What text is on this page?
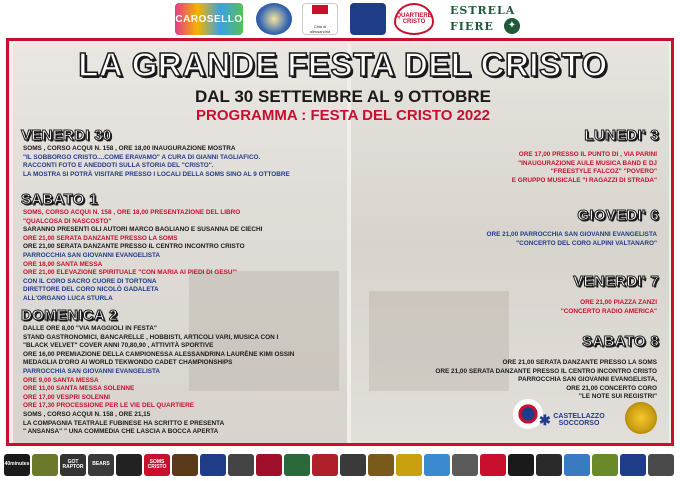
CAROSELLO
Città di alessandria
QUARTIERE CRISTO
ESTRELA
FIERE	✦
LA GRANDE FESTA DEL CRISTO
DAL 30 SETTEMBRE AL 9 OTTOBRE
PROGRAMMA : FESTA DEL CRISTO 2022
VENERDI 30
SOMS , CORSO ACQUI N. 158 , ORE 18,00 INAUGURAZIONE MOSTRA
"IL SOBBORGO CRISTO....COME ERAVAMO" A CURA DI GIANNI TAGLIAFICO.
RACCONTI FOTO E ANEDDOTI SULLA STORIA DEL "CRISTO".
LA MOSTRA SI POTRÀ VISITARE PRESSO I LOCALI DELLA SOMS SINO AL 9 OTTOBRE
SABATO 1
SOMS, CORSO ACQUI N. 158 , ORE 18,00 PRESENTAZIONE DEL LIBRO
"QUALCOSA DI NASCOSTO"
SARANNO PRESENTI GLI AUTORI MARCO BAGLIANO E SUSANNA DE CIECHI
ORE 21,00 SERATA DANZANTE PRESSO LA SOMS
ORE 21,00 SERATA DANZANTE PRESSO IL CENTRO INCONTRO CRISTO
PARROCCHIA SAN GIOVANNI EVANGELISTA
ORE 18,00 SANTA MESSA
ORE 21,00 ELEVAZIONE SPIRITUALE "CON MARIA AI PIEDI DI GESU'"
CON IL CORO SACRO CUORE DI TORTONA
DIRETTORE DEL CORO NICOLÒ GADALETA
ALL'ORGANO LUCA STURLA
DOMENICA 2
DALLE ORE 8,00 "VIA MAGGIOLI IN FESTA"
STAND GASTRONOMICI, BANCARELLE , HOBBISTI, ARTICOLI VARI, MUSICA CON I
"BLACK VELVET" COVER ANNI 70,80,90 , ATTIVITÀ SPORTIVE
ORE 16,00 PREMIAZIONE DELLA CAMPIONESSA ALESSANDRINA LAURÈNE KIMI OSSIN
MEDAGLIA D'ORO AI WORLD TEKWONDO CADET CHAMPIONSHIPS
PARROCCHIA SAN GIOVANNI EVANGELISTA
ORE 9,00 SANTA MESSA
ORE 11,00 SANTA MESSA SOLENNE
ORE 17,00 VESPRI SOLENNI
ORE 17,30 PROCESSIONE PER LE VIE DEL QUARTIERE
SOMS , CORSO ACQUI N. 158 , ORE 21,15
LA COMPAGNIA TEATRALE FUBINESE HA SCRITTO E PRESENTA
" ANSANSA" " UNA COMMEDIA CHE LASCIA A BOCCA APERTA
LUNEDI' 3
ORE 17,00 PRESSO IL PUNTO DI , VIA PARINI
"INAUGURAZIONE AULE MUSICA BAND E DJ
"FREESTYLE FALCOZ" "POVERO"
E GRUPPO MUSICALE "I RAGAZZI DI STRADA"
GIOVEDI' 6
ORE 21,00 PARROCCHIA SAN GIOVANNI EVANGELISTA
"CONCERTO DEL CORO ALPINI VALTANARO"
VENERDI' 7
ORE 21,00 PIAZZA ZANZI
"CONCERTO RADIO AMERICA"
SABATO 8
ORE 21,00 SERATA DANZANTE PRESSO LA SOMS
ORE 21,00 SERATA DANZANTE PRESSO IL CENTRO INCONTRO CRISTO
PARROCCHIA SAN GIOVANNI EVANGELISTA,
ORE 21,00 CONCERTO CORO
"LE NOTE SUI REGISTRI"
✱ CASTELLAZZO
SOCCORSO
40minutes	GOT RAPTOR	BEARS	SOMS CRISTO
